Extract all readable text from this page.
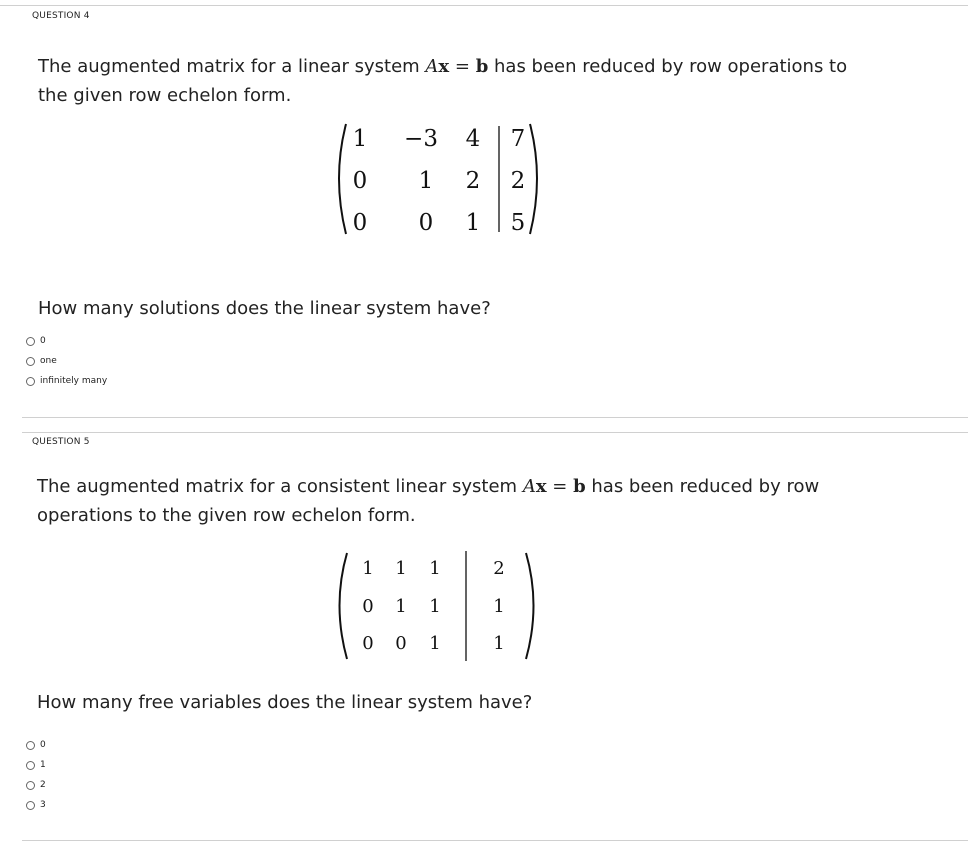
QUESTION 4
The augmented matrix for a linear system Ax = b has been reduced by row operations to
the given row echelon form.
1 −3 4 7
0 1 2 2
0 0 1 5
How many solutions does the linear system have?
0
one
infinitely many
QUESTION 5
The augmented matrix for a consistent linear system Ax = b has been reduced by row
operations to the given row echelon form.
1 1 1	2
0 1 1	1
0 0 1	1
How many free variables does the linear system have?
0
1
2
3
